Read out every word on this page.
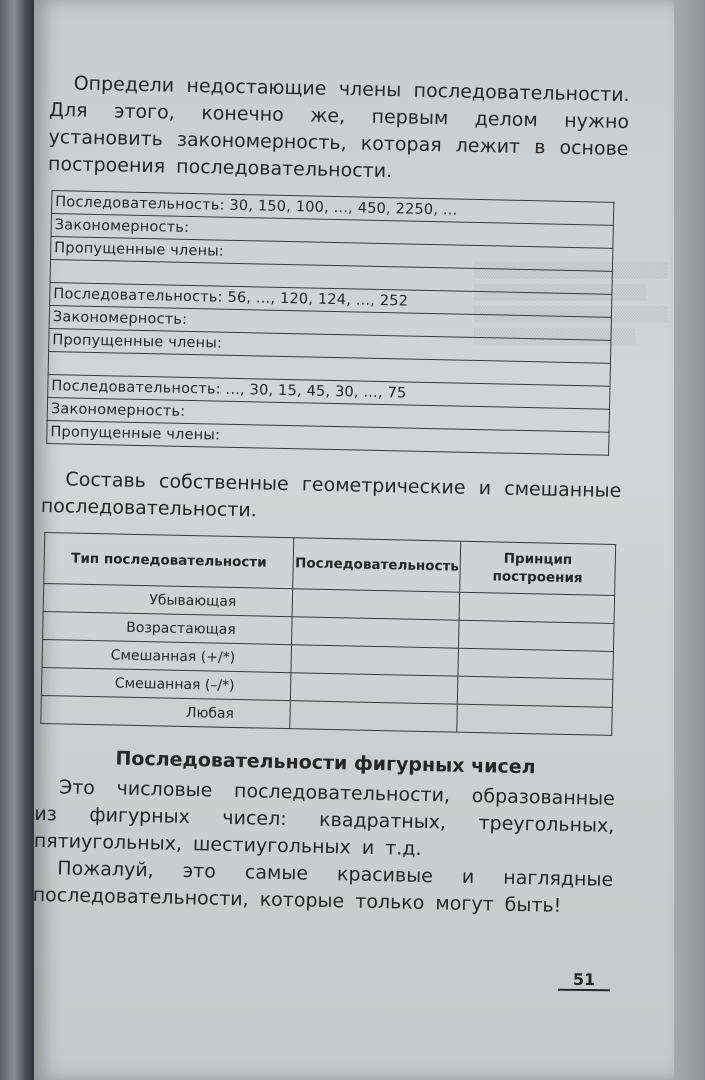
▒▒▒▒▒▒▒▒▒▒▒▒▒▒▒▒▒▒
▒▒▒▒▒▒▒▒▒▒▒▒▒▒▒▒
▒▒▒▒▒▒▒▒▒▒▒▒▒▒▒▒▒▒
▒▒▒▒▒▒▒▒▒▒▒▒▒▒▒

Определи недостающие члены последовательности. Для этого, конечно же, первым делом нужно установить закономерность, которая лежит в основе построения последовательности.

Последовательность: 30, 150, 100, ..., 450, 2250, ...
Закономерность:
Пропущенные члены:

Последовательность: 56, ..., 120, 124, ..., 252
Закономерность:
Пропущенные члены:

Последовательность: ..., 30, 15, 45, 30, ..., 75
Закономерность:
Пропущенные члены:

Составь собственные геометрические и смешанные последовательности.

Тип последовательности	Последовательность	Принцип построения
Убывающая		
Возрастающая		
Смешанная (+/*)		
Смешанная (–/*)		
Любая		
Последовательности фигурных чисел

Это числовые последовательности, образованные из фигурных чисел: квадратных, треугольных, пятиугольных, шестиугольных и т.д.

Пожалуй, это самые красивые и наглядные последовательности, которые только могут быть!

51
